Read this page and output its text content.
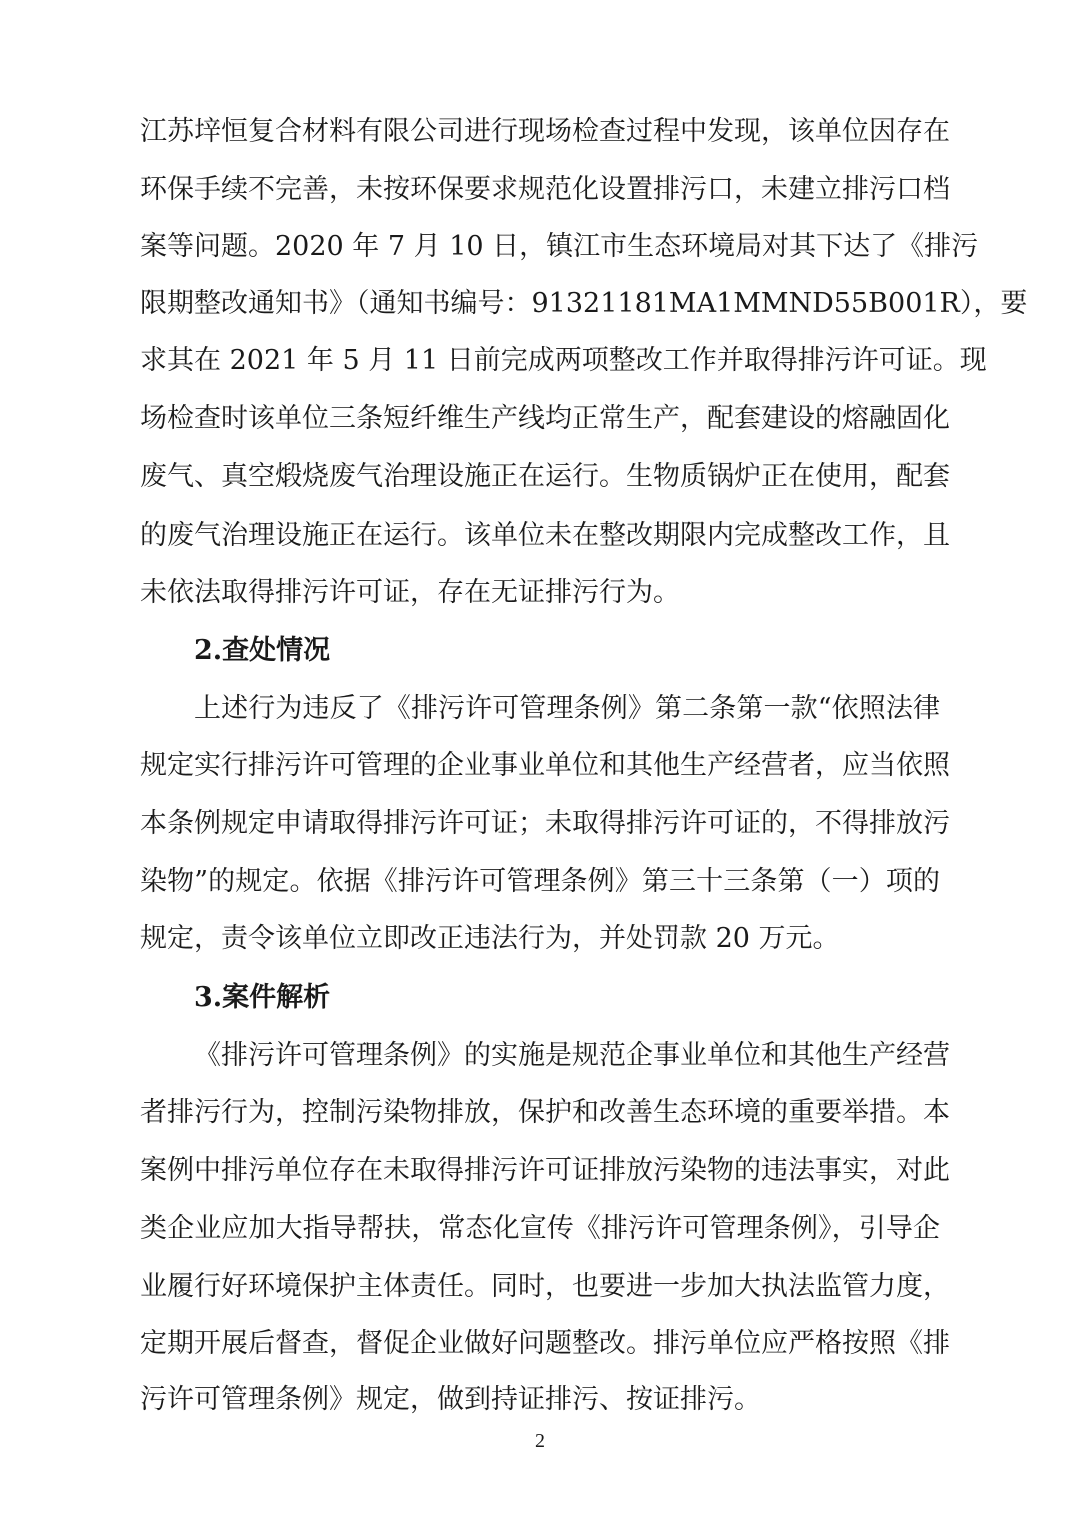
江苏垶恒复合材料有限公司进行现场检查过程中发现，该单位因存在
环保手续不完善，未按环保要求规范化设置排污口，未建立排污口档
案等问题。2020 年 7 月 10 日，镇江市生态环境局对其下达了《排污
限期整改通知书》（通知书编号：91321181MA1MMND55B001R），要
求其在 2021 年 5 月 11 日前完成两项整改工作并取得排污许可证。现
场检查时该单位三条短纤维生产线均正常生产，配套建设的熔融固化
废气、真空煅烧废气治理设施正在运行。生物质锅炉正在使用，配套
的废气治理设施正在运行。该单位未在整改期限内完成整改工作，且
未依法取得排污许可证，存在无证排污行为。
2.查处情况
上述行为违反了《排污许可管理条例》第二条第一款“依照法律
规定实行排污许可管理的企业事业单位和其他生产经营者，应当依照
本条例规定申请取得排污许可证；未取得排污许可证的，不得排放污
染物”的规定。依据《排污许可管理条例》第三十三条第（一）项的
规定，责令该单位立即改正违法行为，并处罚款 20 万元。
3.案件解析
《排污许可管理条例》的实施是规范企事业单位和其他生产经营
者排污行为，控制污染物排放，保护和改善生态环境的重要举措。本
案例中排污单位存在未取得排污许可证排放污染物的违法事实，对此
类企业应加大指导帮扶，常态化宣传《排污许可管理条例》，引导企
业履行好环境保护主体责任。同时，也要进一步加大执法监管力度，
定期开展后督查，督促企业做好问题整改。排污单位应严格按照《排
污许可管理条例》规定，做到持证排污、按证排污。
2
